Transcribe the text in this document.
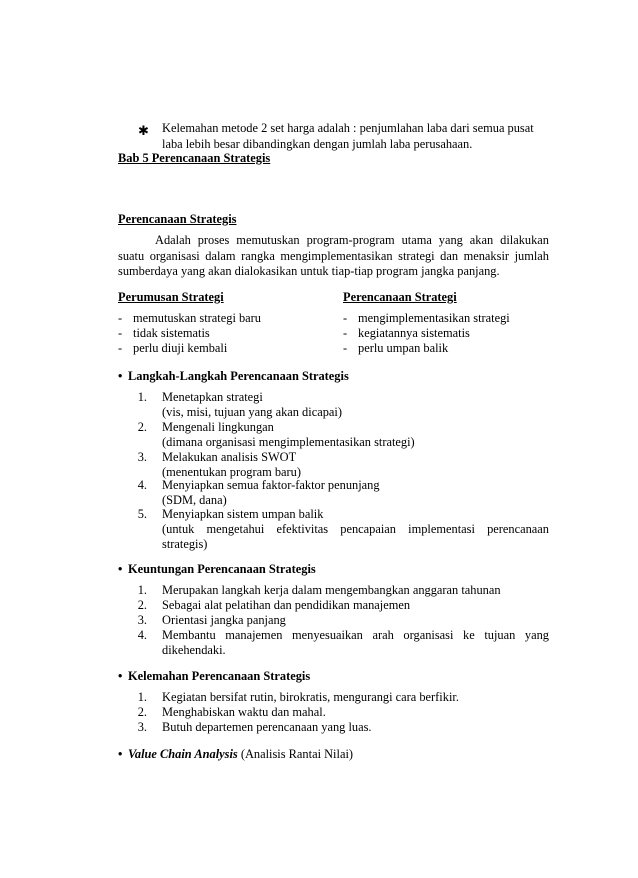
✱ Kelemahan metode 2 set harga adalah : penjumlahan laba dari semua pusat
laba lebih besar dibandingkan dengan jumlah laba perusahaan.
Bab 5 Perencanaan Strategis
Perencanaan Strategis
Adalah proses memutuskan program-program utama yang akan dilakukan
suatu organisasi dalam rangka mengimplementasikan strategi dan menaksir jumlah
sumberdaya yang akan dialokasikan untuk tiap-tiap program jangka panjang.
Perumusan Strategi	Perencanaan Strategi
- memutuskan strategi baru
- tidak sistematis
- perlu diuji kembali
- mengimplementasikan strategi
- kegiatannya sistematis
- perlu umpan balik
• Langkah-Langkah Perencanaan Strategis
1. Menetapkan strategi
(vis, misi, tujuan yang akan dicapai)
2. Mengenali lingkungan
(dimana organisasi mengimplementasikan strategi)
3. Melakukan analisis SWOT
(menentukan program baru)
4. Menyiapkan semua faktor-faktor penunjang
(SDM, dana)
5. Menyiapkan sistem umpan balik
(untuk mengetahui efektivitas pencapaian implementasi perencanaan
strategis)
• Keuntungan Perencanaan Strategis
1. Merupakan langkah kerja dalam mengembangkan anggaran tahunan
2. Sebagai alat pelatihan dan pendidikan manajemen
3. Orientasi jangka panjang
4. Membantu manajemen menyesuaikan arah organisasi ke tujuan yang
dikehendaki.
• Kelemahan Perencanaan Strategis
1. Kegiatan bersifat rutin, birokratis, mengurangi cara berfikir.
2. Menghabiskan waktu dan mahal.
3. Butuh departemen perencanaan yang luas.
• Value Chain Analysis (Analisis Rantai Nilai)
